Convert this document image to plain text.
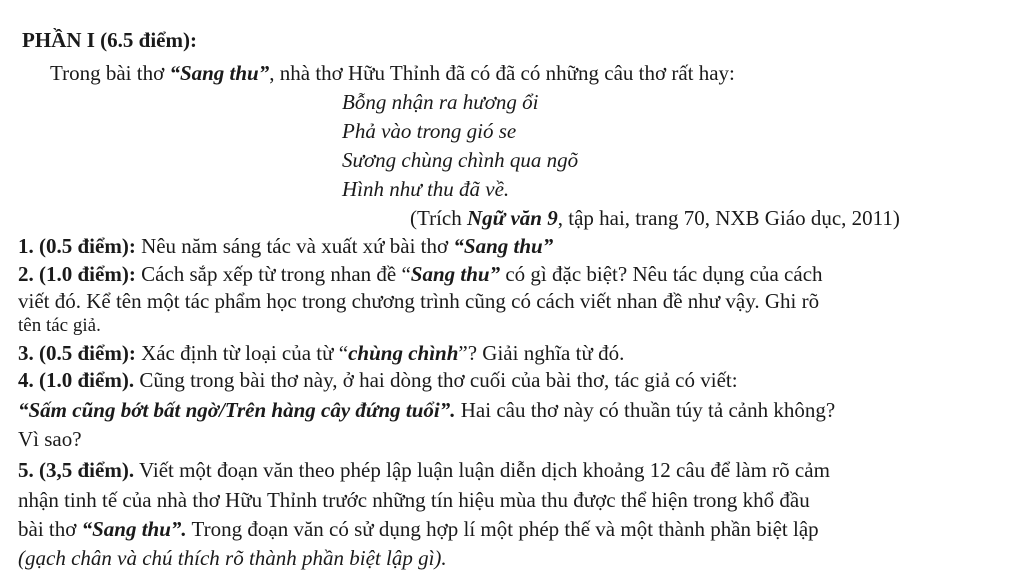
PHẦN I (6.5 điểm):
Trong bài thơ “Sang thu”, nhà thơ Hữu Thỉnh đã có đã có những câu thơ rất hay:
Bỗng nhận ra hương ổi
Phả vào trong gió se
Sương chùng chình qua ngõ
Hình như thu đã về.
(Trích Ngữ văn 9, tập hai, trang 70, NXB Giáo dục, 2011)
1. (0.5 điểm): Nêu năm sáng tác và xuất xứ bài thơ “Sang thu”
2. (1.0 điểm): Cách sắp xếp từ trong nhan đề “Sang thu” có gì đặc biệt? Nêu tác dụng của cách
viết đó. Kể tên một tác phẩm học trong chương trình cũng có cách viết nhan đề như vậy. Ghi rõ
tên tác giả.
3. (0.5 điểm): Xác định từ loại của từ “chùng chình”? Giải nghĩa từ đó.
4. (1.0 điểm). Cũng trong bài thơ này, ở hai dòng thơ cuối của bài thơ, tác giả có viết:
“Sấm cũng bớt bất ngờ/Trên hàng cây đứng tuổi”. Hai câu thơ này có thuần túy tả cảnh không?
Vì sao?
5. (3,5 điểm). Viết một đoạn văn theo phép lập luận luận diễn dịch khoảng 12 câu để làm rõ cảm
nhận tinh tế của nhà thơ Hữu Thỉnh trước những tín hiệu mùa thu được thể hiện trong khổ đầu
bài thơ “Sang thu”. Trong đoạn văn có sử dụng hợp lí một phép thế và một thành phần biệt lập
(gạch chân và chú thích rõ thành phần biệt lập gì).
